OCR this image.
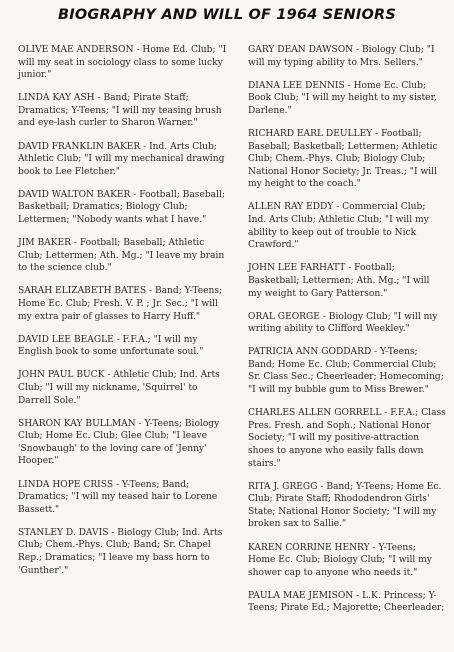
BIOGRAPHY AND WILL OF 1964 SENIORS

OLIVE MAE ANDERSON - Home Ed. Club; "I will my seat in sociology class to some lucky junior."

LINDA KAY ASH - Band; Pirate Staff; Dramatics; Y-Teens; "I will my teasing brush and eye-lash curler to Sharon Warner."

DAVID FRANKLIN BAKER - Ind. Arts Club; Athletic Club; "I will my mechanical drawing book to Lee Fletcher."

DAVID WALTON BAKER - Football; Baseball; Basketball; Dramatics; Biology Club; Lettermen; "Nobody wants what I have."

JIM BAKER - Football; Baseball; Athletic Club; Lettermen; Ath. Mg.; "I leave my brain to the science club."

SARAH ELIZABETH BATES - Band; Y-Teens; Home Ec. Club; Fresh. V. P. ; Jr. Sec.; "I will my extra pair of glasses to Harry Huff."

DAVID LEE BEAGLE - F.F.A.; "I will my English book to some unfortunate soul."

JOHN PAUL BUCK - Athletic Club; Ind. Arts Club; "I will my nickname, 'Squirrel' to Darrell Sole."

SHARON KAY BULLMAN - Y-Teens; Biology Club; Home Ec. Club; Glee Club; "I leave 'Snowbaugh' to the loving care of 'Jenny' Hooper."

LINDA HOPE CRISS - Y-Teens; Band; Dramatics; "I will my teased hair to Lorene Bassett."

STANLEY D. DAVIS - Biology Club; Ind. Arts Club; Chem.-Phys. Club; Band; Sr. Chapel Rep.; Dramatics; "I leave my bass horn to 'Gunther'."

GARY DEAN DAWSON - Biology Club; "I will my typing ability to Mrs. Sellers."

DIANA LEE DENNIS - Home Ec. Club; Book Club; "I will my height to my sister, Darlene."

RICHARD EARL DEULLEY - Football; Baseball; Basketball; Lettermen; Athletic Club; Chem.-Phys. Club; Biology Club; National Honor Society; Jr. Treas.; "I will my height to the coach."

ALLEN RAY EDDY - Commercial Club; Ind. Arts Club; Athletic Club; "I will my ability to keep out of trouble to Nick Crawford."

JOHN LEE FARHATT - Football; Basketball; Lettermen; Ath. Mg.; "I will my weight to Gary Patterson."

ORAL GEORGE - Biology Club; "I will my writing ability to Clifford Weekley."

PATRICIA ANN GODDARD - Y-Teens; Band; Home Ec. Club; Commercial Club; Sr. Class Sec.; Cheerleader; Homecoming; "I will my bubble gum to Miss Brewer."

CHARLES ALLEN GORRELL - F.F.A.; Class Pres. Fresh. and Soph.; National Honor Society; "I will my positive-attraction shoes to anyone who easily falls down stairs."

RITA J. GREGG - Band; Y-Teens; Home Ec. Club; Pirate Staff; Rhododendron Girls' State; National Honor Society; "I will my broken sax to Sallie."

KAREN CORRINE HENRY - Y-Teens; Home Ec. Club; Biology Club; "I will my shower cap to anyone who needs it."

PAULA MAE JEMISON - L.K. Princess; Y-Teens; Pirate Ed.; Majorette; Cheerleader;
